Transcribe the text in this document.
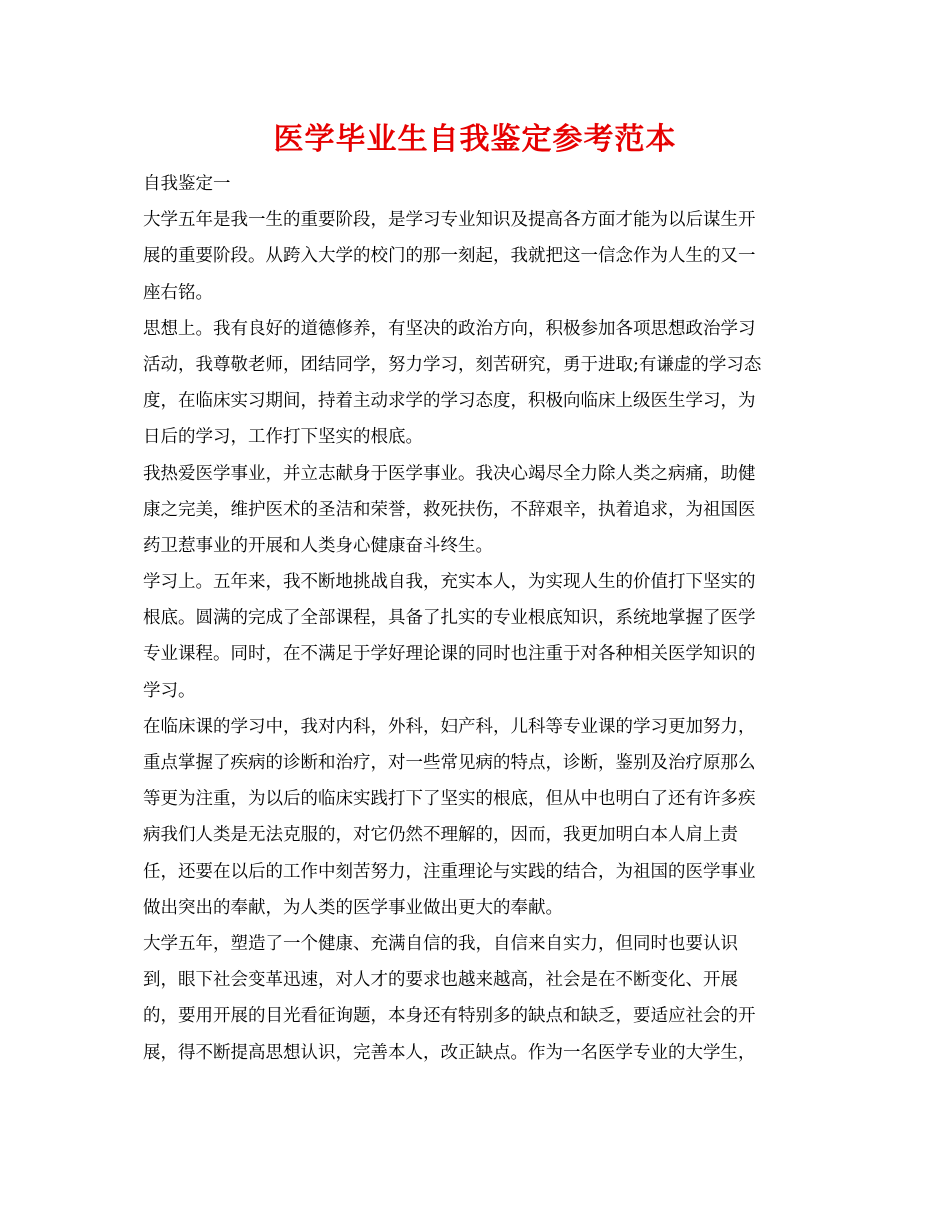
医学毕业生自我鉴定参考范本
自我鉴定一
大学五年是我一生的重要阶段，是学习专业知识及提高各方面才能为以后谋生开
展的重要阶段。从跨入大学的校门的那一刻起，我就把这一信念作为人生的又一
座右铭。
思想上。我有良好的道德修养，有坚决的政治方向，积极参加各项思想政治学习
活动，我尊敬老师，团结同学，努力学习，刻苦研究，勇于进取;有谦虚的学习态
度，在临床实习期间，持着主动求学的学习态度，积极向临床上级医生学习，为
日后的学习，工作打下坚实的根底。
我热爱医学事业，并立志献身于医学事业。我决心竭尽全力除人类之病痛，助健
康之完美，维护医术的圣洁和荣誉，救死扶伤，不辞艰辛，执着追求，为祖国医
药卫惹事业的开展和人类身心健康奋斗终生。
学习上。五年来，我不断地挑战自我，充实本人，为实现人生的价值打下坚实的
根底。圆满的完成了全部课程，具备了扎实的专业根底知识，系统地掌握了医学
专业课程。同时，在不满足于学好理论课的同时也注重于对各种相关医学知识的
学习。
在临床课的学习中，我对内科，外科，妇产科，儿科等专业课的学习更加努力，
重点掌握了疾病的诊断和治疗，对一些常见病的特点，诊断，鉴别及治疗原那么
等更为注重，为以后的临床实践打下了坚实的根底，但从中也明白了还有许多疾
病我们人类是无法克服的，对它仍然不理解的，因而，我更加明白本人肩上责
任，还要在以后的工作中刻苦努力，注重理论与实践的结合，为祖国的医学事业
做出突出的奉献，为人类的医学事业做出更大的奉献。
大学五年，塑造了一个健康、充满自信的我，自信来自实力，但同时也要认识
到，眼下社会变革迅速，对人才的要求也越来越高，社会是在不断变化、开展
的，要用开展的目光看征询题，本身还有特别多的缺点和缺乏，要适应社会的开
展，得不断提高思想认识，完善本人，改正缺点。作为一名医学专业的大学生，
